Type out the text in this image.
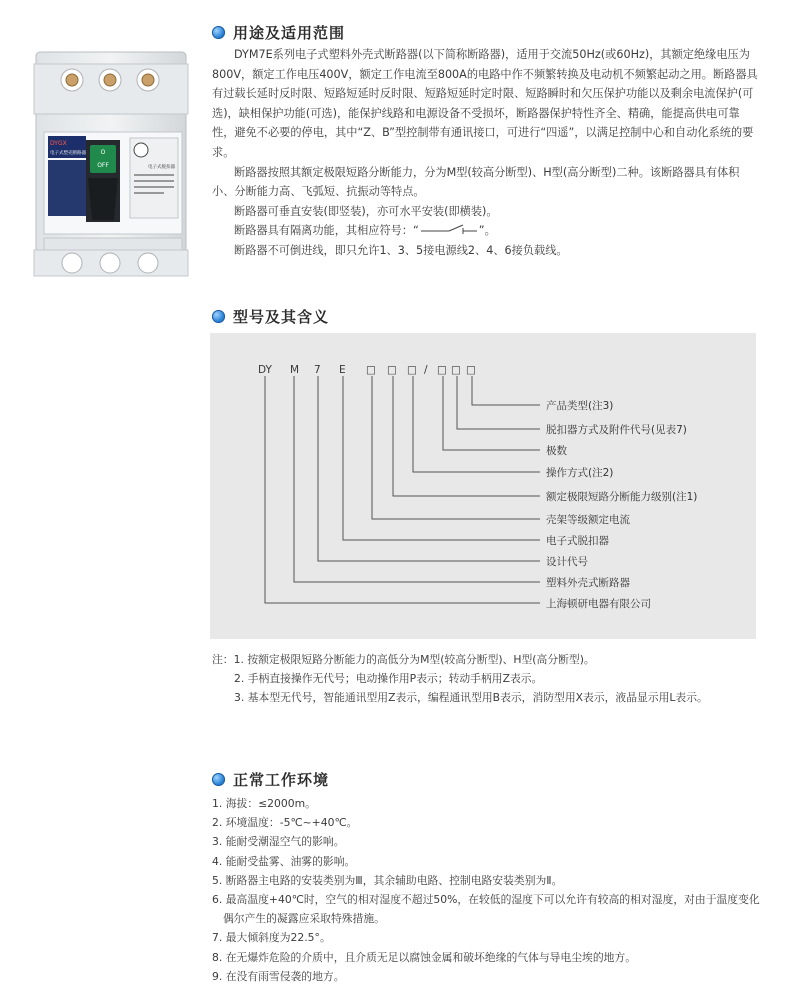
DYGX
电子式塑壳断路器 O
OFF	电子式脱扣器
用途及适用范围

DYM7E系列电子式塑料外壳式断路器(以下简称断路器)，适用于交流50Hz(或60Hz)，其额定绝缘电压为800V，额定工作电压400V，额定工作电流至800A的电路中作不频繁转换及电动机不频繁起动之用。断路器具有过载长延时反时限、短路短延时反时限、短路短延时定时限、短路瞬时和欠压保护功能以及剩余电流保护(可选)，缺相保护功能(可选)，能保护线路和电源设备不受损坏，断路器保护特性齐全、精确，能提高供电可靠性，避免不必要的停电，其中“Z、B”型控制带有通讯接口，可进行“四遥”，以满足控制中心和自动化系统的要求。

断路器按照其额定极限短路分断能力，分为M型(较高分断型)、H型(高分断型)二种。该断路器具有体积小、分断能力高、飞弧短、抗振动等特点。

断路器可垂直安装(即竖装)，亦可水平安装(即横装)。

断路器具有隔离功能，其相应符号：“	”。

断路器不可倒进线，即只允许1、3、5接电源线2、4、6接负载线。

型号及其含义
DY M 7 E □ □ □ / □ □ □
产品类型(注3)
脱扣器方式及附件代号(见表7)
极数
操作方式(注2)
额定极限短路分断能力级别(注1)
壳架等级额定电流
电子式脱扣器
设计代号
塑料外壳式断路器
上海顿研电器有限公司
注： 1. 按额定极限短路分断能力的高低分为M型(较高分断型)、H型(高分断型)。
2. 手柄直接操作无代号；电动操作用P表示；转动手柄用Z表示。
3. 基本型无代号，智能通讯型用Z表示，编程通讯型用B表示，消防型用X表示，液晶显示用L表示。
正常工作环境
1. 海拔：≤2000m。
2. 环境温度：-5℃~+40℃。
3. 能耐受潮湿空气的影响。
4. 能耐受盐雾、油雾的影响。
5. 断路器主电路的安装类别为Ⅲ，其余辅助电路、控制电路安装类别为Ⅱ。
6. 最高温度+40℃时，空气的相对湿度不超过50%，在较低的湿度下可以允许有较高的相对湿度，对由于温度变化
偶尔产生的凝露应采取特殊措施。
7. 最大倾斜度为22.5°。
8. 在无爆炸危险的介质中，且介质无足以腐蚀金属和破坏绝缘的气体与导电尘埃的地方。
9. 在没有雨雪侵袭的地方。
